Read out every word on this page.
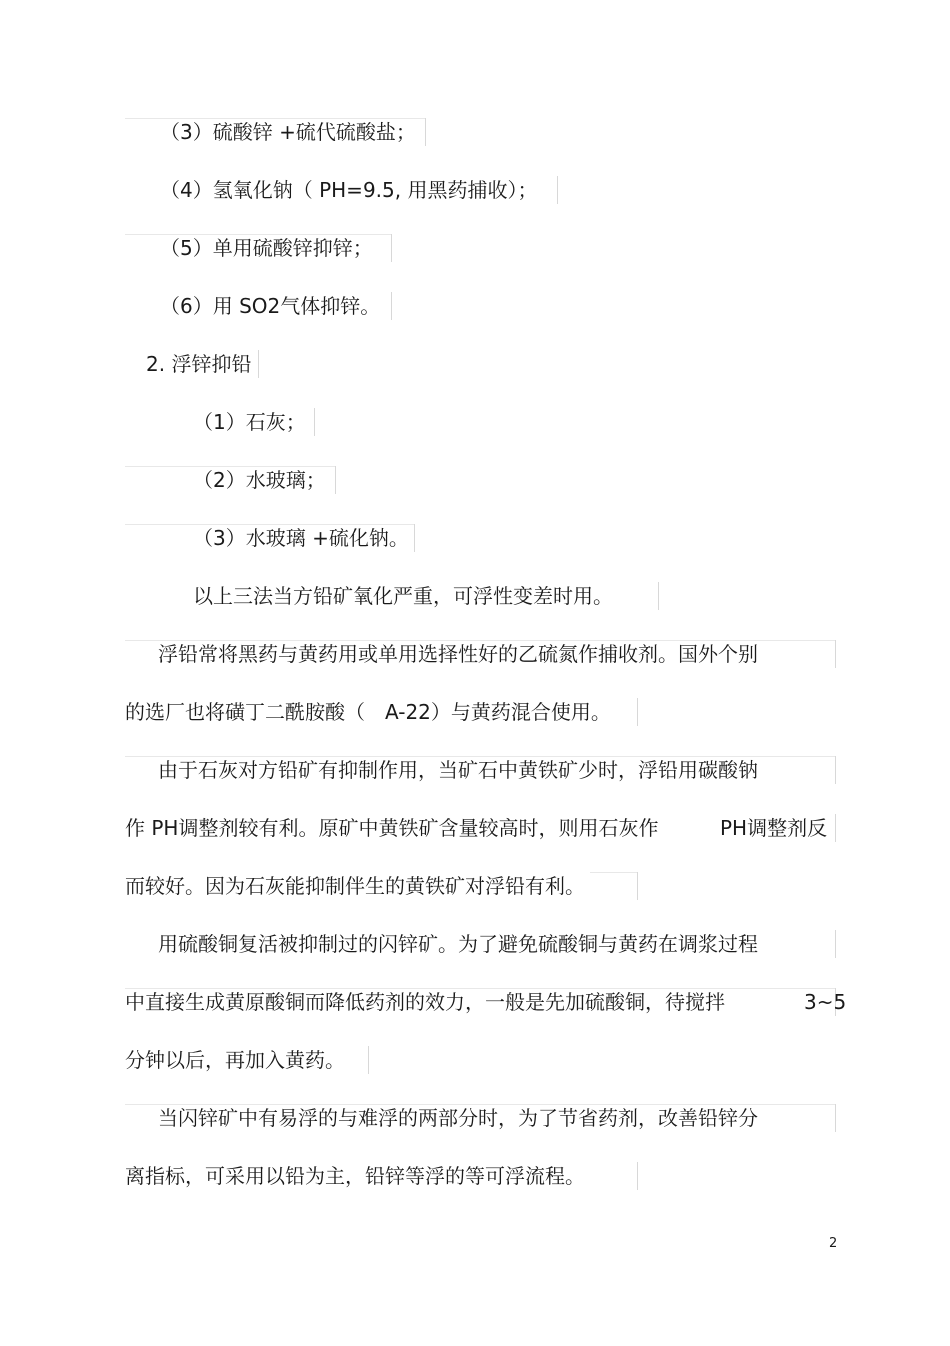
（3）硫酸锌 +硫代硫酸盐；
（4）氢氧化钠（ PH=9.5, 用黑药捕收）；
（5）单用硫酸锌抑锌；
（6）用 SO2气体抑锌。
2. 浮锌抑铅
（1）石灰；
（2）水玻璃；
（3）水玻璃 +硫化钠。
以上三法当方铅矿氧化严重，可浮性变差时用。
浮铅常将黑药与黄药用或单用选择性好的乙硫氮作捕收剂。国外个别
的选厂也将磺丁二酰胺酸（　A-22）与黄药混合使用。
由于石灰对方铅矿有抑制作用，当矿石中黄铁矿少时，浮铅用碳酸钠
作 PH调整剂较有利。原矿中黄铁矿含量较高时，则用石灰作	PH调整剂反
而较好。因为石灰能抑制伴生的黄铁矿对浮铅有利。
用硫酸铜复活被抑制过的闪锌矿。为了避免硫酸铜与黄药在调浆过程
中直接生成黄原酸铜而降低药剂的效力，一般是先加硫酸铜，待搅拌	3~5
分钟以后，再加入黄药。
当闪锌矿中有易浮的与难浮的两部分时，为了节省药剂，改善铅锌分
离指标，可采用以铅为主，铅锌等浮的等可浮流程。
2
